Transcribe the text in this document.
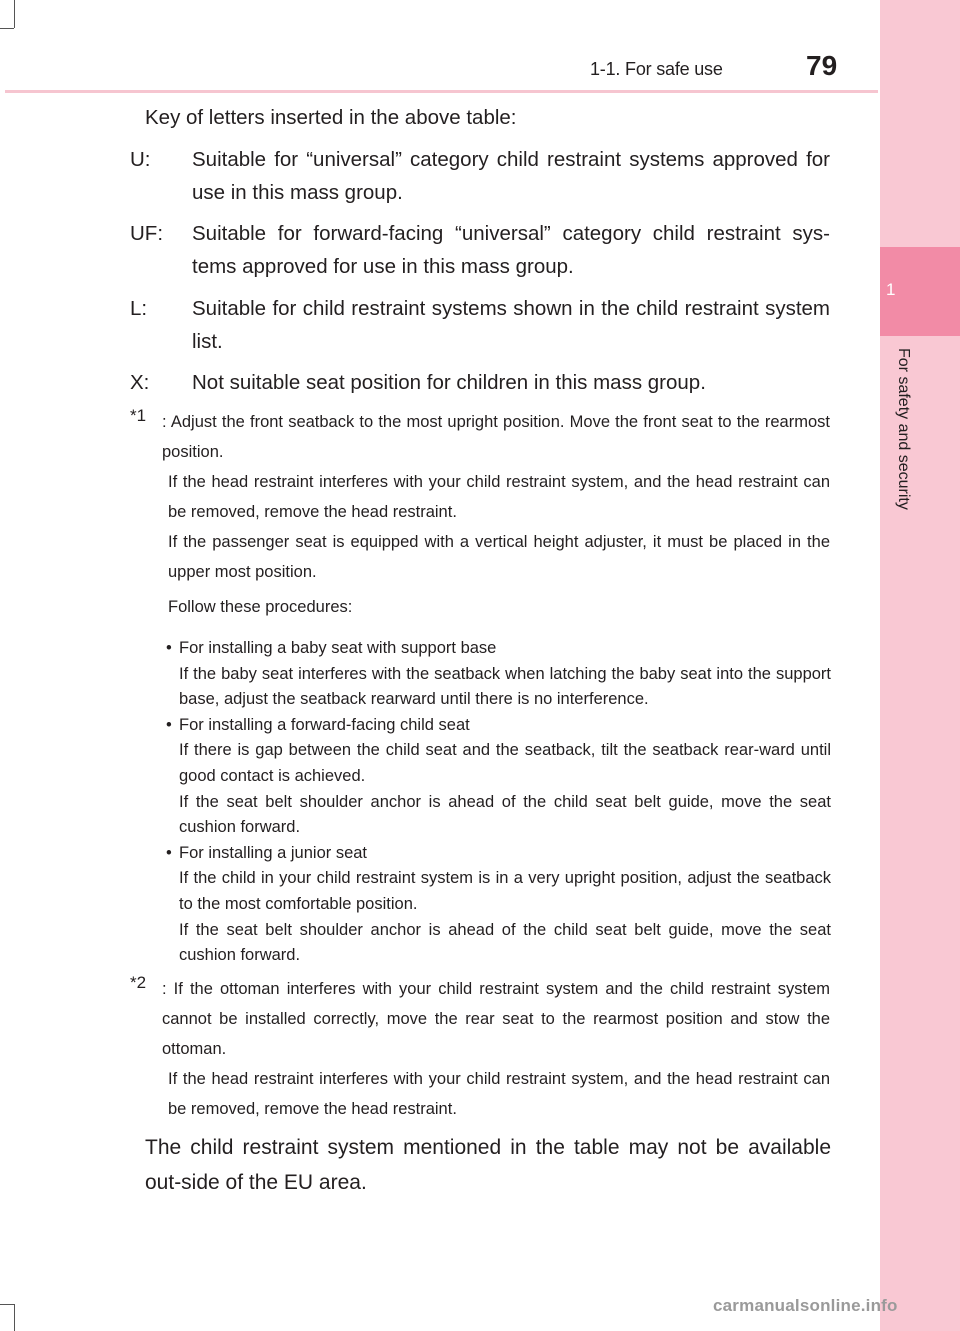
1
For safety and security
1-1. For safe use	79
Key of letters inserted in the above table:
U:	Suitable for “universal” category child restraint systems approved for use in this mass group.
UF:	Suitable for forward-facing “universal” category child restraint sys-tems approved for use in this mass group.
L:	Suitable for child restraint systems shown in the child restraint system list.
X:	Not suitable seat position for children in this mass group.
*1 : Adjust the front seatback to the most upright position. Move the front seat to the rearmost position.

If the head restraint interferes with your child restraint system, and the head restraint can be removed, remove the head restraint.

If the passenger seat is equipped with a vertical height adjuster, it must be placed in the upper most position.

Follow these procedures:
• For installing a baby seat with support base
If the baby seat interferes with the seatback when latching the baby seat into the support base, adjust the seatback rearward until there is no interference.
• For installing a forward-facing child seat
If there is gap between the child seat and the seatback, tilt the seatback rear-ward until good contact is achieved.
If the seat belt shoulder anchor is ahead of the child seat belt guide, move the seat cushion forward.
• For installing a junior seat
If the child in your child restraint system is in a very upright position, adjust the seatback to the most comfortable position.
If the seat belt shoulder anchor is ahead of the child seat belt guide, move the seat cushion forward.
*2 : If the ottoman interferes with your child restraint system and the child restraint system cannot be installed correctly, move the rear seat to the rearmost position and stow the ottoman.

If the head restraint interferes with your child restraint system, and the head restraint can be removed, remove the head restraint.

The child restraint system mentioned in the table may not be available out-side of the EU area.
carmanualsonline.info
